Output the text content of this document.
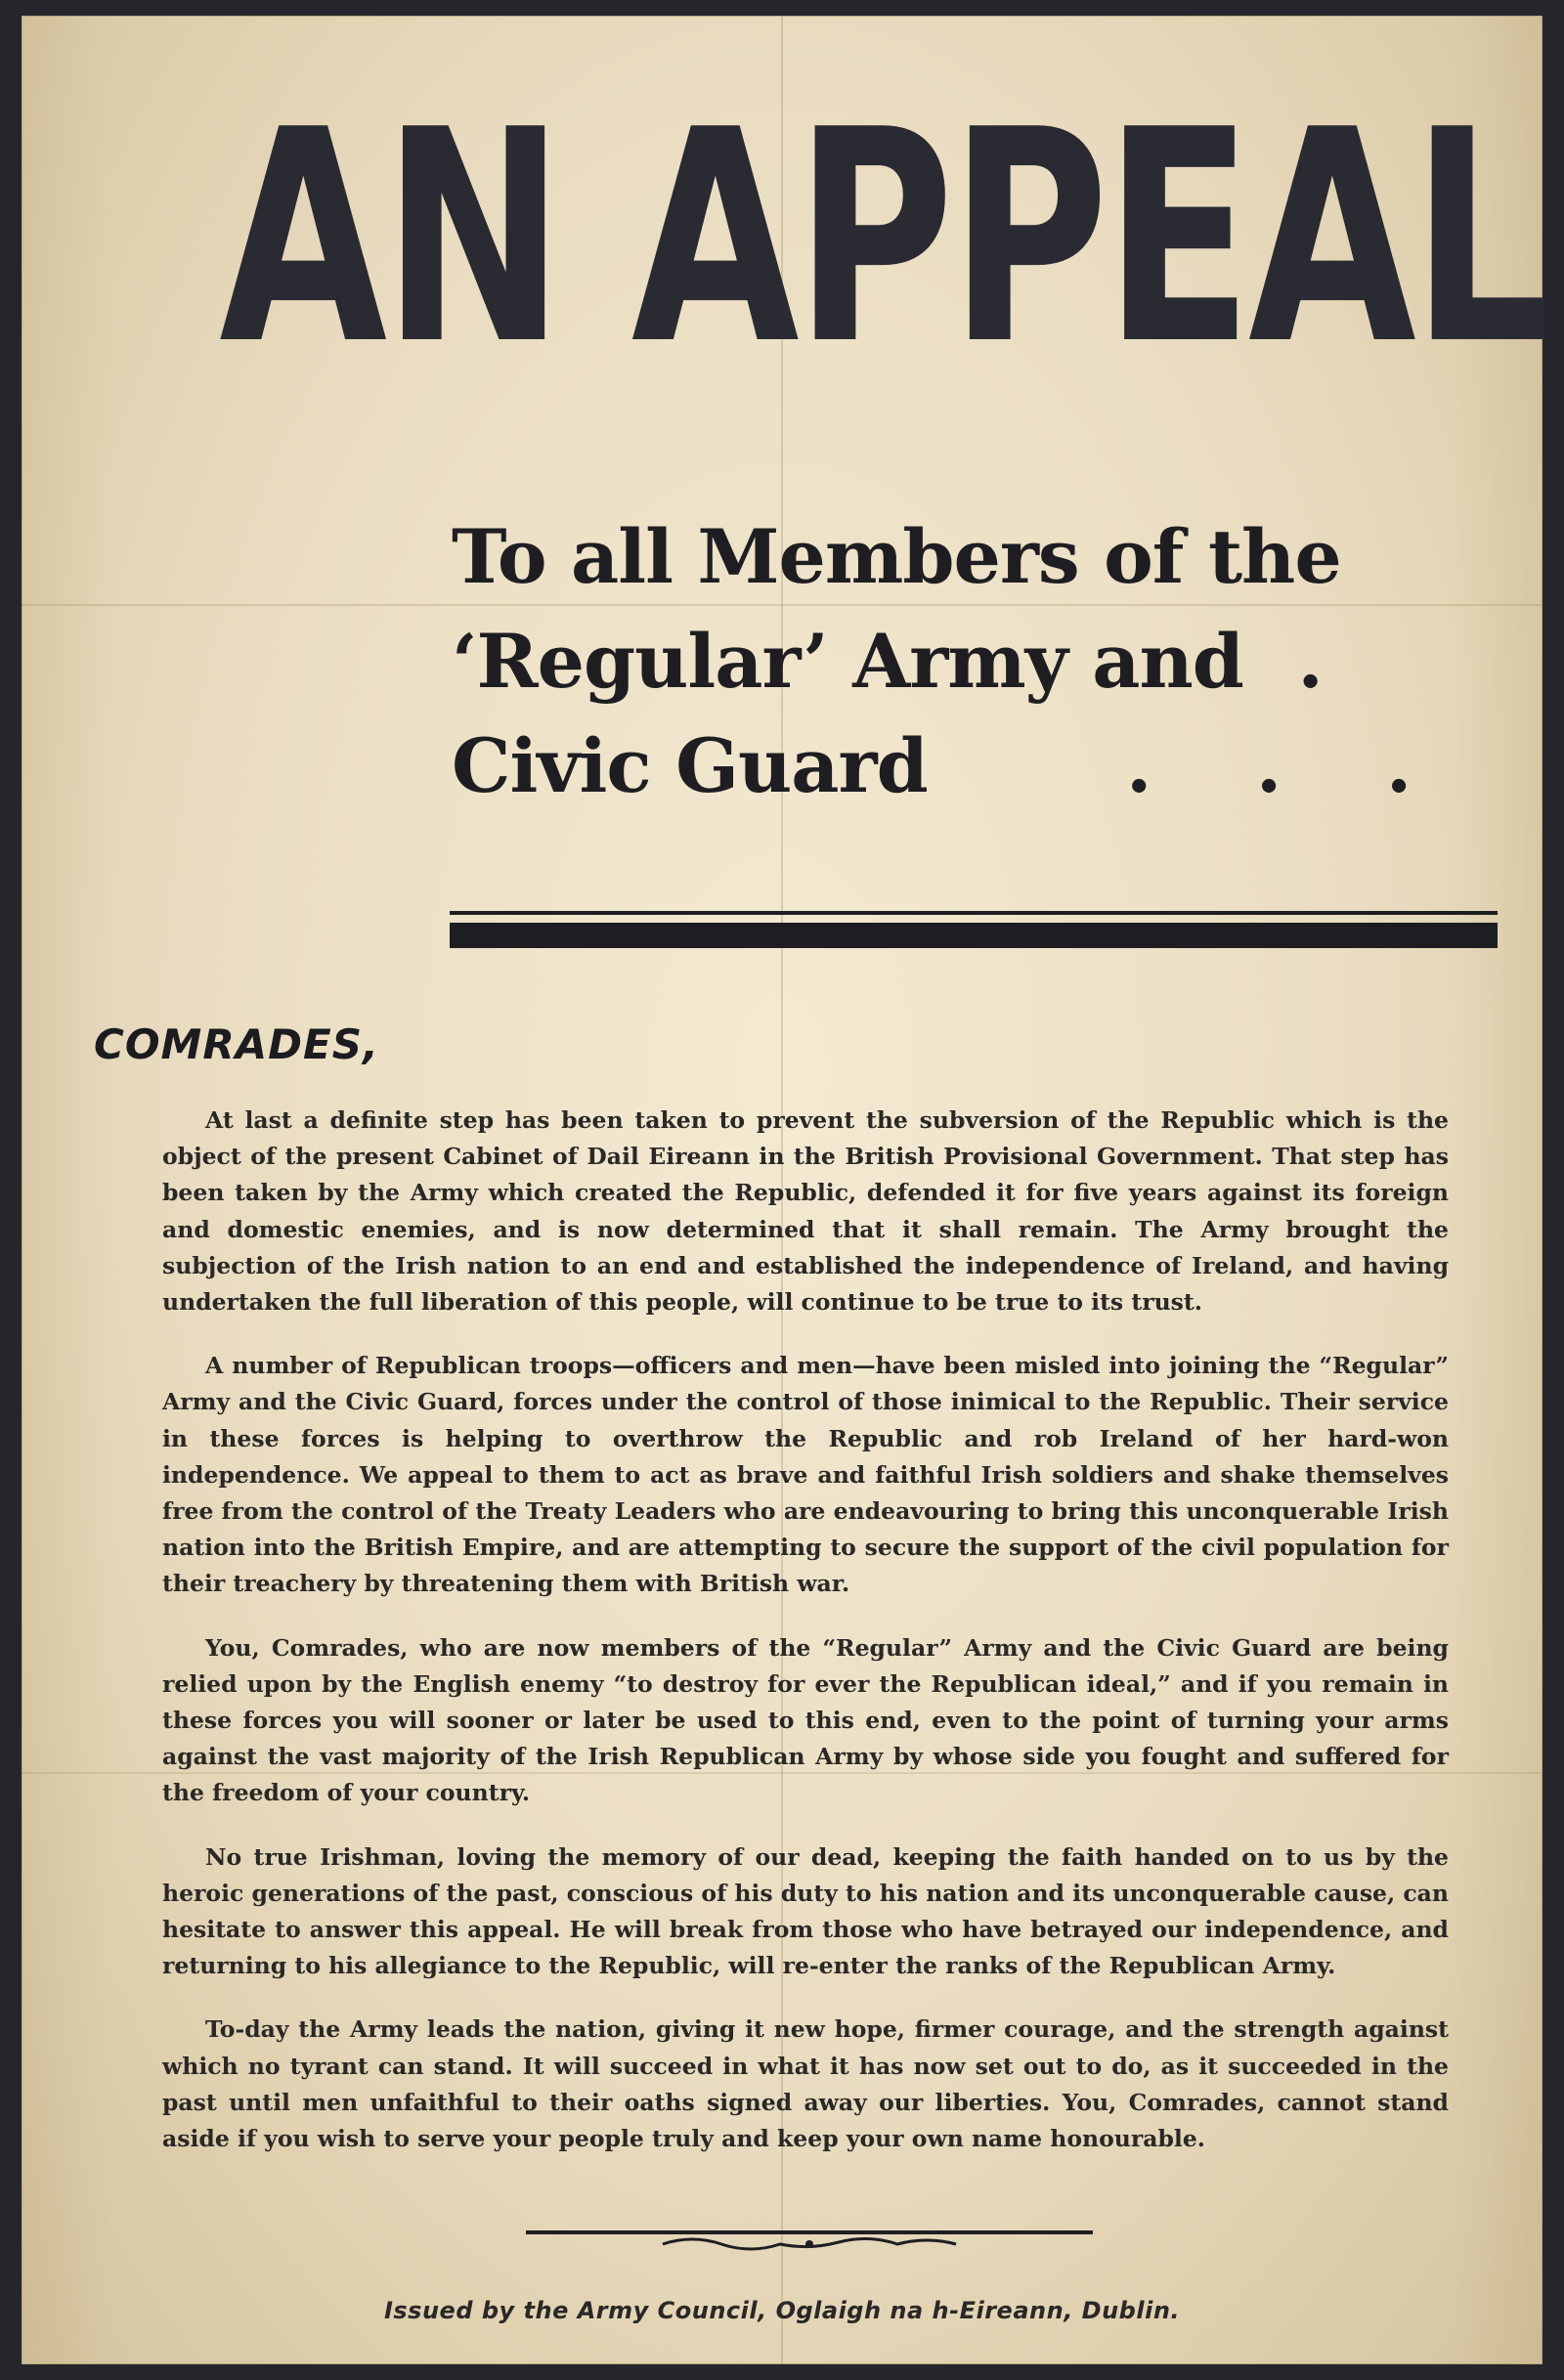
AN APPEAL
To all Members of the
‘Regular’ Army and .
Civic Guard	. . .
COMRADES,

At last a definite step has been taken to prevent the subversion of the Republic which is the object of the present Cabinet of Dail Eireann in the British Provisional Government. That step has been taken by the Army which created the Republic, defended it for five years against its foreign and domestic enemies, and is now determined that it shall remain. The Army brought the subjection of the Irish nation to an end and established the independence of Ireland, and having undertaken the full liberation of this people, will continue to be true to its trust.

A number of Republican troops—officers and men—have been misled into joining the “Regular” Army and the Civic Guard, forces under the control of those inimical to the Republic. Their service in these forces is helping to overthrow the Republic and rob Ireland of her hard-won independence. We appeal to them to act as brave and faithful Irish soldiers and shake themselves free from the control of the Treaty Leaders who are endeavouring to bring this unconquerable Irish nation into the British Empire, and are attempting to secure the support of the civil population for their treachery by threatening them with British war.

You, Comrades, who are now members of the “Regular” Army and the Civic Guard are being relied upon by the English enemy “to destroy for ever the Republican ideal,” and if you remain in these forces you will sooner or later be used to this end, even to the point of turning your arms against the vast majority of the Irish Republican Army by whose side you fought and suffered for the freedom of your country.

No true Irishman, loving the memory of our dead, keeping the faith handed on to us by the heroic generations of the past, conscious of his duty to his nation and its unconquerable cause, can hesitate to answer this appeal. He will break from those who have betrayed our independence, and returning to his allegiance to the Republic, will re-enter the ranks of the Republican Army.

To-day the Army leads the nation, giving it new hope, firmer courage, and the strength against which no tyrant can stand. It will succeed in what it has now set out to do, as it succeeded in the past until men unfaithful to their oaths signed away our liberties. You, Comrades, cannot stand aside if you wish to serve your people truly and keep your own name honourable.

Issued by the Army Council, Oglaigh na h-Eireann, Dublin.
